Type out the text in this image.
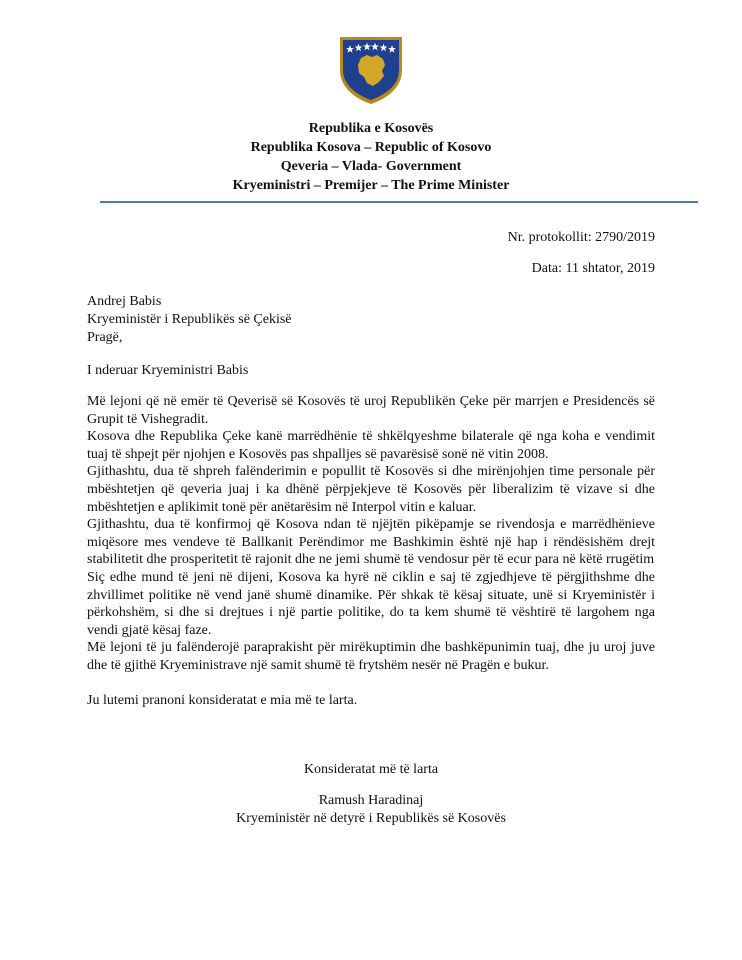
Republika e Kosovës
Republika Kosova – Republic of Kosovo
Qeveria – Vlada- Government
Kryeministri – Premijer – The Prime Minister
Nr. protokollit: 2790/2019
Data: 11 shtator, 2019
Andrej Babis
Kryeministër i Republikës së Çekisë
Pragë,
I nderuar Kryeministri Babis

Më lejoni që në emër të Qeverisë së Kosovës të uroj Republikën Çeke për marrjen e Presidencës së Grupit të Vishegradit.

Kosova dhe Republika Çeke kanë marrëdhënie të shkëlqyeshme bilaterale që nga koha e vendimit tuaj të shpejt për njohjen e Kosovës pas shpalljes së pavarësisë sonë në vitin 2008.

Gjithashtu, dua të shpreh falënderimin e popullit të Kosovës si dhe mirënjohjen time personale për mbështetjen që qeveria juaj i ka dhënë përpjekjeve të Kosovës për liberalizim të vizave si dhe mbështetjen e aplikimit tonë për anëtarësim në Interpol vitin e kaluar.

Gjithashtu, dua të konfirmoj që Kosova ndan të njëjtën pikëpamje se rivendosja e marrëdhënieve miqësore mes vendeve të Ballkanit Perëndimor me Bashkimin është një hap i rëndësishëm drejt stabilitetit dhe prosperitetit të rajonit dhe ne jemi shumë të vendosur për të ecur para në këtë rrugëtim

Siç edhe mund të jeni në dijeni, Kosova ka hyrë në ciklin e saj të zgjedhjeve të përgjithshme dhe zhvillimet politike në vend janë shumë dinamike. Për shkak të kësaj situate, unë si Kryeministër i përkohshëm, si dhe si drejtues i një partie politike, do ta kem shumë të vështirë të largohem nga vendi gjatë kësaj faze.

Më lejoni të ju falënderojë paraprakisht për mirëkuptimin dhe bashkëpunimin tuaj, dhe ju uroj juve dhe të gjithë Kryeministrave një samit shumë të frytshëm nesër në Pragën e bukur.

Ju lutemi pranoni konsideratat e mia më te larta.
Konsideratat më të larta
Ramush Haradinaj
Kryeministër në detyrë i Republikës së Kosovës
